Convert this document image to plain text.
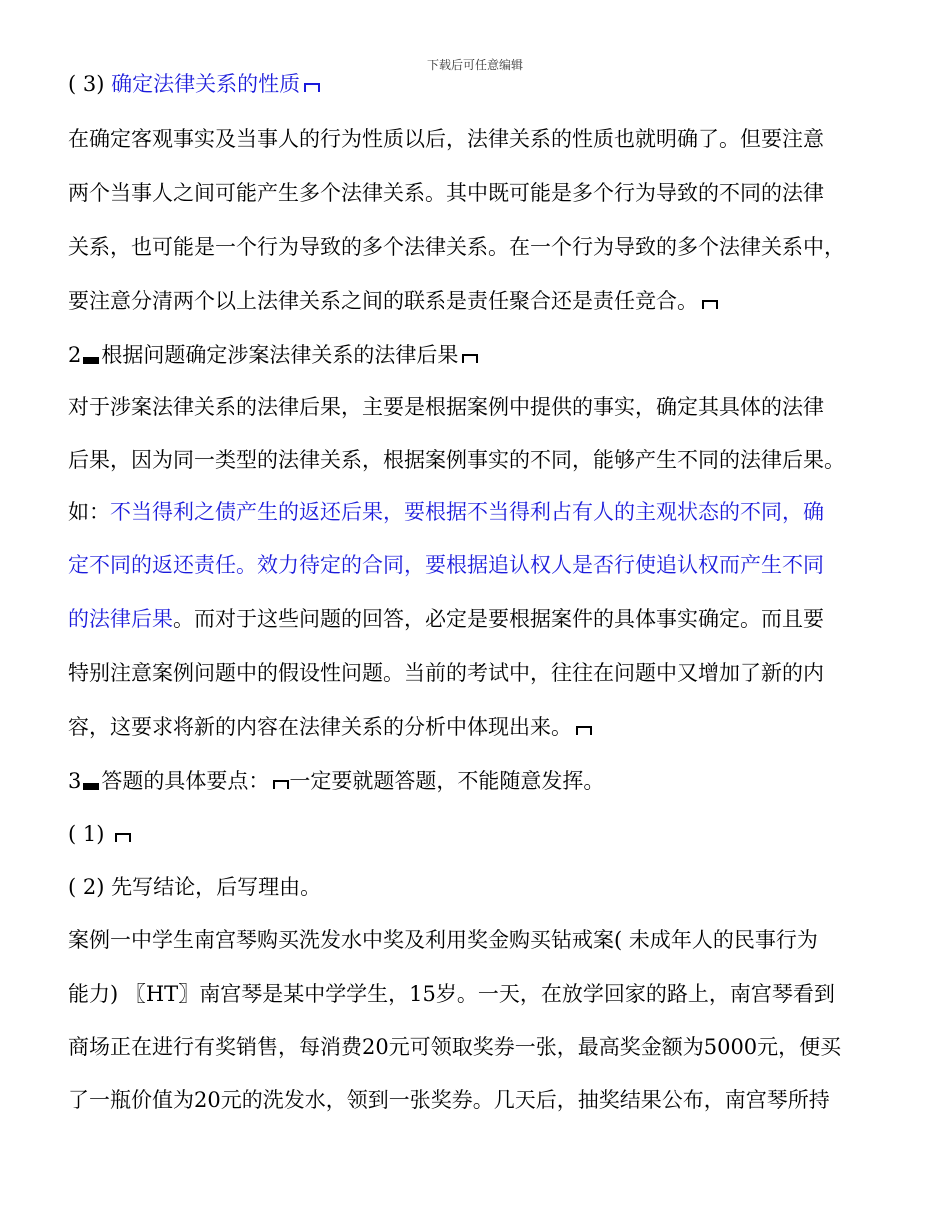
下载后可任意编辑
( 3) 确定法律关系的性质
在确定客观事实及当事人的行为性质以后，法律关系的性质也就明确了。但要注意
两个当事人之间可能产生多个法律关系。其中既可能是多个行为导致的不同的法律
关系，也可能是一个行为导致的多个法律关系。在一个行为导致的多个法律关系中，
要注意分清两个以上法律关系之间的联系是责任聚合还是责任竞合。
2 根据问题确定涉案法律关系的法律后果
对于涉案法律关系的法律后果，主要是根据案例中提供的事实，确定其具体的法律
后果，因为同一类型的法律关系，根据案例事实的不同，能够产生不同的法律后果。
如：不当得利之债产生的返还后果，要根据不当得利占有人的主观状态的不同，确
定不同的返还责任。效力待定的合同，要根据追认权人是否行使追认权而产生不同
的法律后果。而对于这些问题的回答，必定是要根据案件的具体事实确定。而且要
特别注意案例问题中的假设性问题。当前的考试中，往往在问题中又增加了新的内
容，这要求将新的内容在法律关系的分析中体现出来。
3 答题的具体要点： 一定要就题答题，不能随意发挥。
( 1)
( 2) 先写结论，后写理由。
案例一中学生南宫琴购买洗发水中奖及利用奖金购买钻戒案( 未成年人的民事行为
能力) 〖HT〗南宫琴是某中学学生，15岁。一天，在放学回家的路上，南宫琴看到
商场正在进行有奖销售，每消费20元可领取奖券一张，最高奖金额为5000元，便买
了一瓶价值为20元的洗发水，领到一张奖券。几天后，抽奖结果公布，南宫琴所持
